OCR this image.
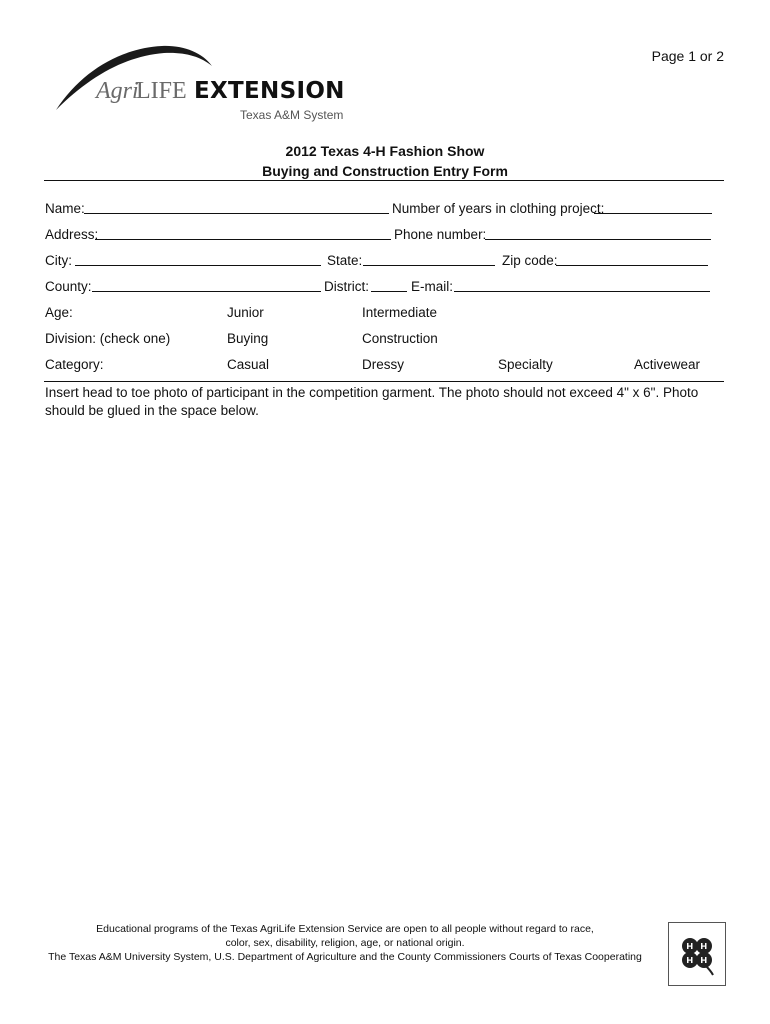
Page 1 or 2
Agri
LIFE EXTENSION
Texas A&M System
2012 Texas 4-H Fashion Show
Buying and Construction Entry Form
Name:	Number of years in clothing project:
Address:	Phone number:
City:	State:	Zip code:
County:	District:	E-mail:
Age:	Junior	Intermediate
Division: (check one)	Buying	Construction
Category:	Casual	Dressy	Specialty	Activewear
Insert head to toe photo of participant in the competition garment. The photo should not exceed 4" x 6". Photo should be glued in the space below.
Educational programs of the Texas AgriLife Extension Service are open to all people without regard to race,
color, sex, disability, religion, age, or national origin.
The Texas A&M University System, U.S. Department of Agriculture and the County Commissioners Courts of Texas Cooperating
